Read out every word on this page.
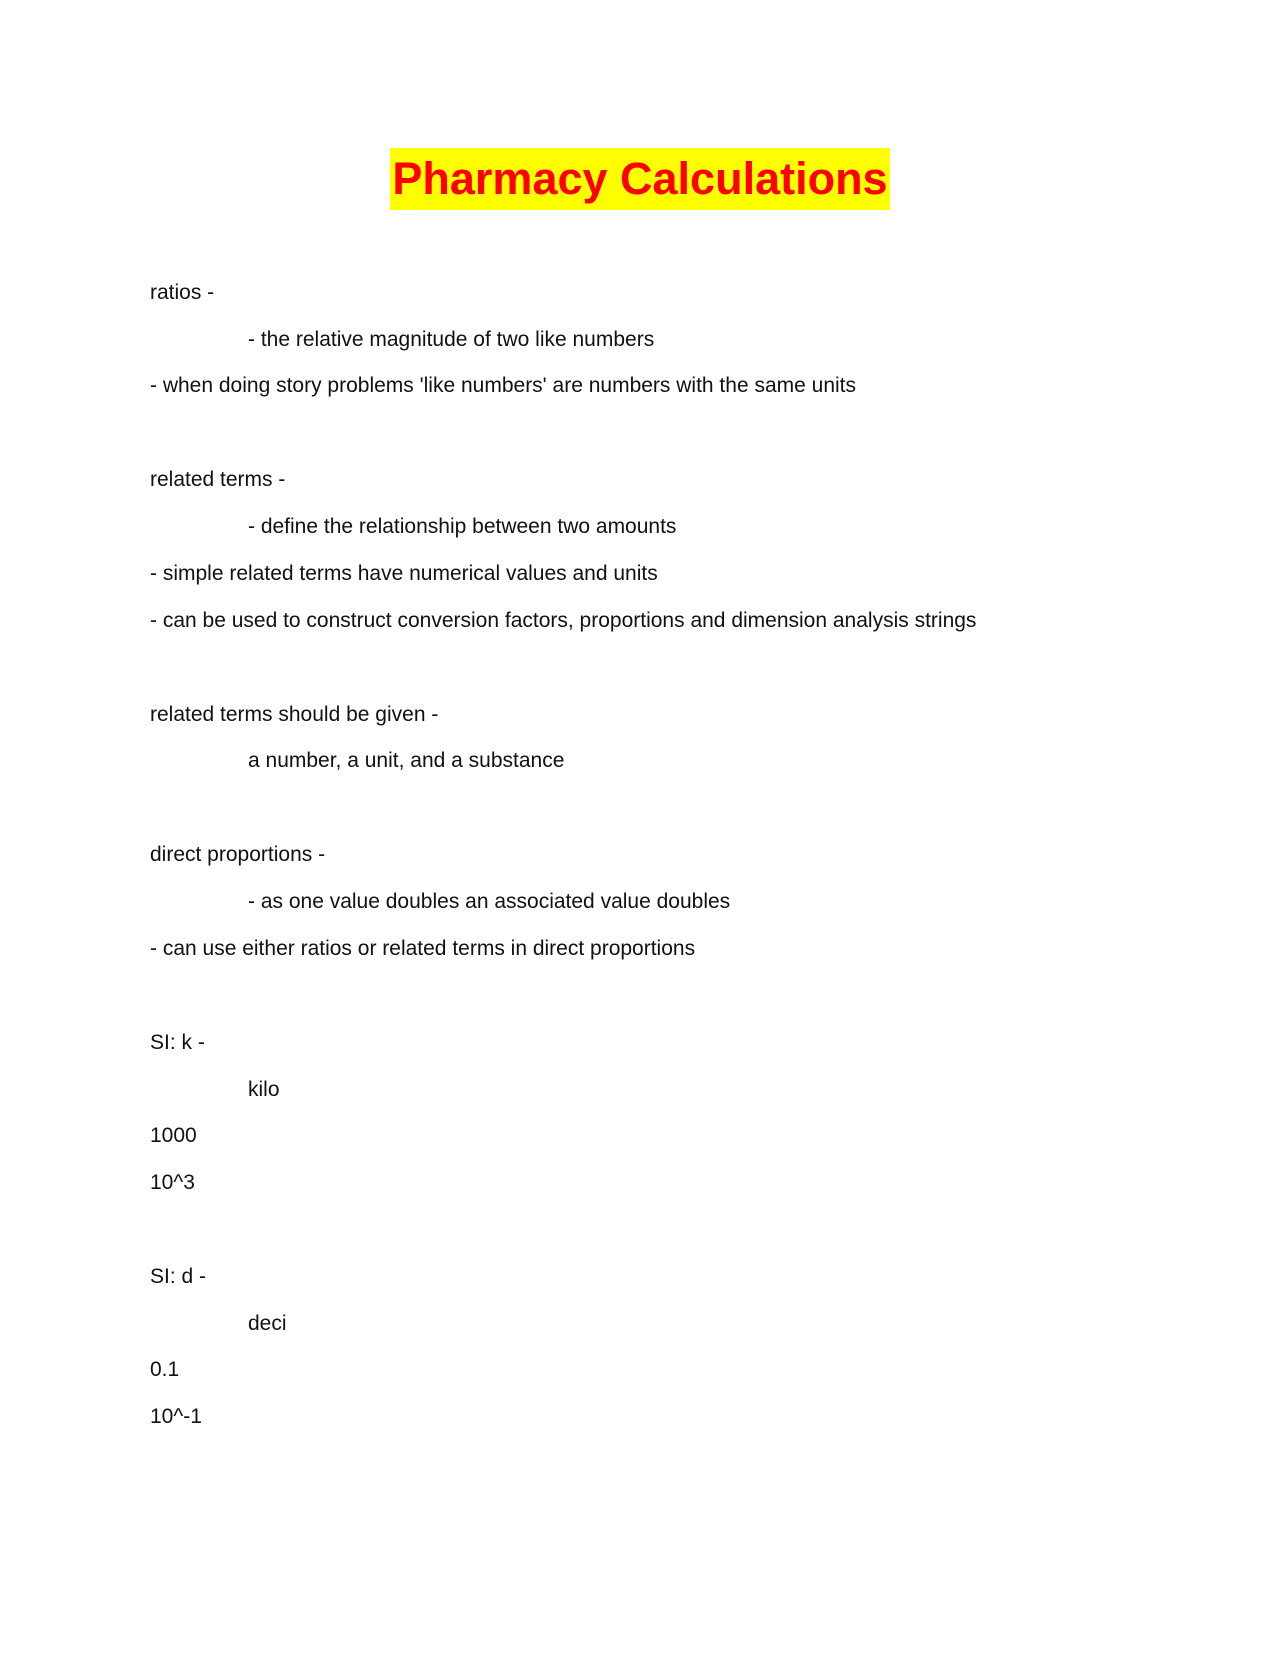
Pharmacy Calculations
ratios -
- the relative magnitude of two like numbers
- when doing story problems 'like numbers' are numbers with the same units
related terms -
- define the relationship between two amounts
- simple related terms have numerical values and units
- can be used to construct conversion factors, proportions and dimension analysis strings
related terms should be given -
a number, a unit, and a substance
direct proportions -
- as one value doubles an associated value doubles
- can use either ratios or related terms in direct proportions
SI: k -
kilo
1000
10^3
SI: d -
deci
0.1
10^-1
